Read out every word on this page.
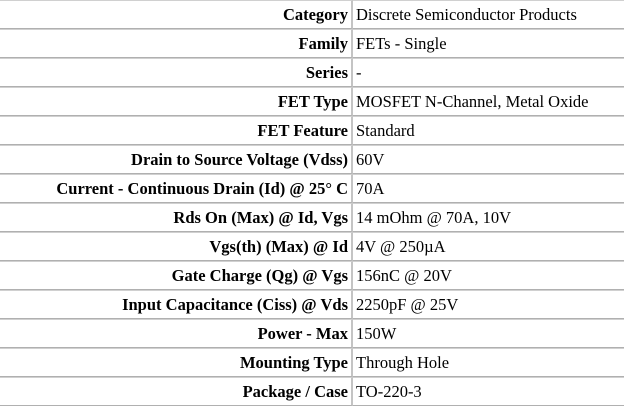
Category	Discrete Semiconductor Products
Family	FETs - Single
Series	-
FET Type	MOSFET N-Channel, Metal Oxide
FET Feature	Standard
Drain to Source Voltage (Vdss)	60V
Current - Continuous Drain (Id) @ 25° C	70A
Rds On (Max) @ Id, Vgs	14 mOhm @ 70A, 10V
Vgs(th) (Max) @ Id	4V @ 250µA
Gate Charge (Qg) @ Vgs	156nC @ 20V
Input Capacitance (Ciss) @ Vds	2250pF @ 25V
Power - Max	150W
Mounting Type	Through Hole
Package / Case	TO-220-3
